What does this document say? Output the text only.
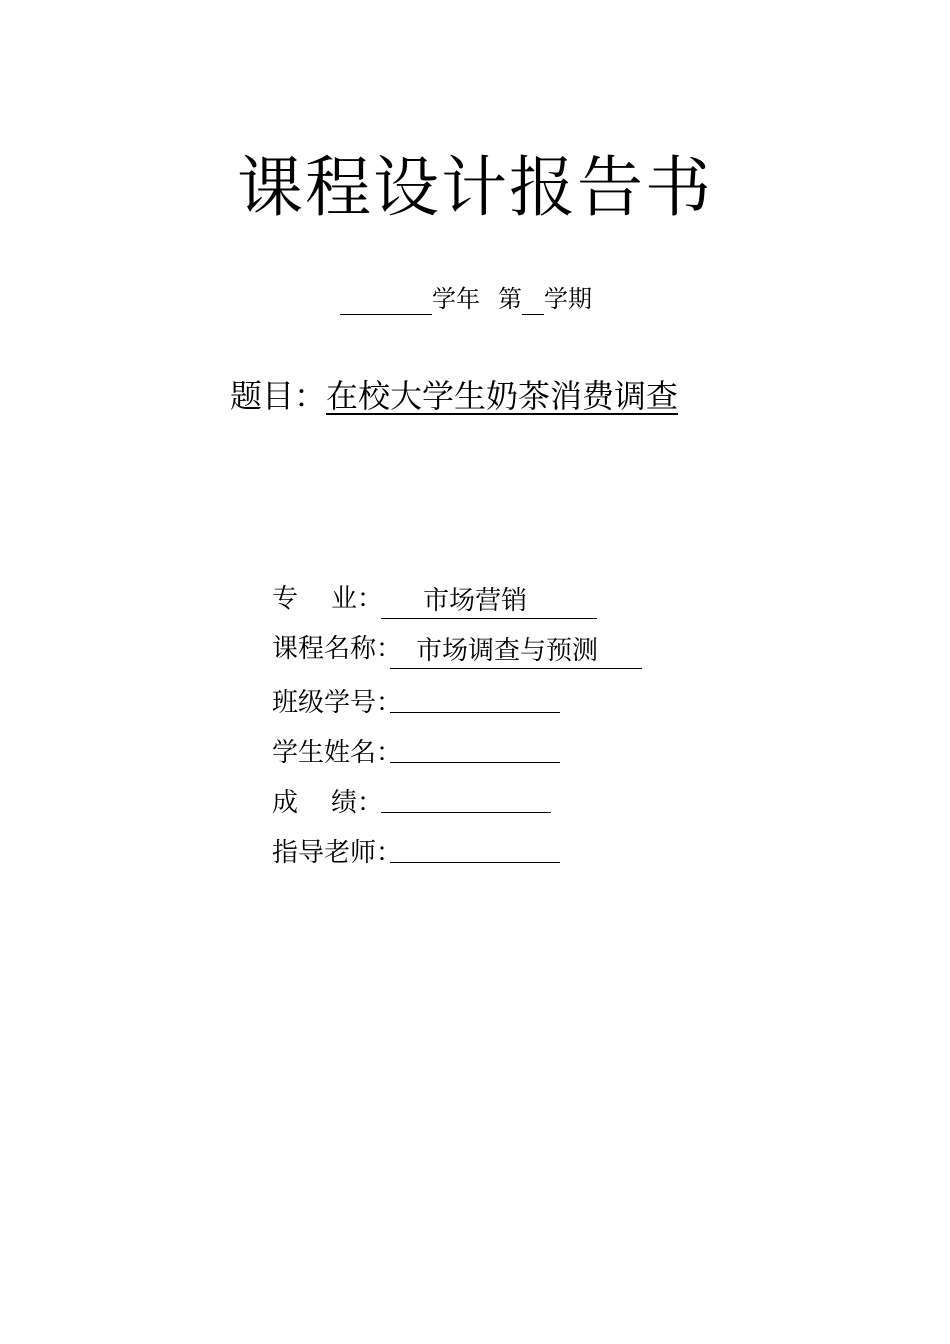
课程设计报告书
学年 第 学期
题目：在校大学生奶茶消费调查
专    业：	市场营销
课程名称： 市场调查与预测
班级学号：
学生姓名：
成    绩：
指导老师：
